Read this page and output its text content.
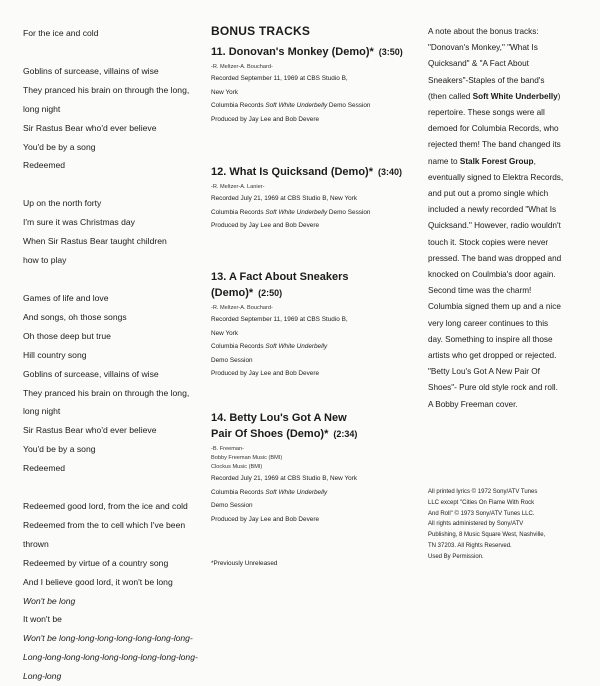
For the ice and cold
Goblins of surcease, villains of wise
They pranced his brain on through the long,
long night
Sir Rastus Bear who'd ever believe
You'd be by a song
Redeemed
Up on the north forty
I'm sure it was Christmas day
When Sir Rastus Bear taught children
how to play
Games of life and love
And songs, oh those songs
Oh those deep but true
Hill country song
Goblins of surcease, villains of wise
They pranced his brain on through the long,
long night
Sir Rastus Bear who'd ever believe
You'd be by a song
Redeemed
Redeemed good lord, from the ice and cold
Redeemed from the to cell which I've been
thrown
Redeemed by virtue of a country song
And I believe good lord, it won't be long
Won't be long
It won't be
Won't be long-long-long-long-long-long-long-
Long-long-long-long-long-long-long-long-long-
Long-long
BONUS TRACKS
11. Donovan's Monkey (Demo)* (3:50)
-R. Meltzer-A. Bouchard-
Recorded September 11, 1969 at CBS Studio B,
New York
Columbia Records Soft White Underbelly Demo Session
Produced by Jay Lee and Bob Devere
12. What Is Quicksand (Demo)* (3:40)
-R. Meltzer-A. Lanier-
Recorded July 21, 1969 at CBS Studio B, New York
Columbia Records Soft White Underbelly Demo Session
Produced by Jay Lee and Bob Devere
13. A Fact About Sneakers
(Demo)* (2:50)
-R. Meltzer-A. Bouchard-
Recorded September 11, 1969 at CBS Studio B,
New York
Columbia Records Soft White Underbelly
Demo Session
Produced by Jay Lee and Bob Devere
14. Betty Lou's Got A New
Pair Of Shoes (Demo)* (2:34)
-B. Freeman-
Bobby Freeman Music (BMI)
Clockus Music (BMI)
Recorded July 21, 1969 at CBS Studio B, New York
Columbia Records Soft White Underbelly
Demo Session
Produced by Jay Lee and Bob Devere
*Previously Unreleased
A note about the bonus tracks:
"Donovan's Monkey," "What Is
Quicksand" & "A Fact About
Sneakers"-Staples of the band's
(then called Soft White Underbelly)
repertoire. These songs were all
demoed for Columbia Records, who
rejected them! The band changed its
name to Stalk Forest Group,
eventually signed to Elektra Records,
and put out a promo single which
included a newly recorded "What Is
Quicksand." However, radio wouldn't
touch it. Stock copies were never
pressed. The band was dropped and
knocked on Coulmbia's door again.
Second time was the charm!
Columbia signed them up and a nice
very long career continues to this
day. Something to inspire all those
artists who get dropped or rejected.
"Betty Lou's Got A New Pair Of
Shoes"- Pure old style rock and roll.
A Bobby Freeman cover.
All printed lyrics © 1972 Sony/ATV Tunes
LLC except "Cities On Flame With Rock
And Roll" © 1973 Sony/ATV Tunes LLC.
All rights administered by Sony/ATV
Publishing, 8 Music Square West, Nashville,
TN 37203. All Rights Reserved.
Used By Permission.
